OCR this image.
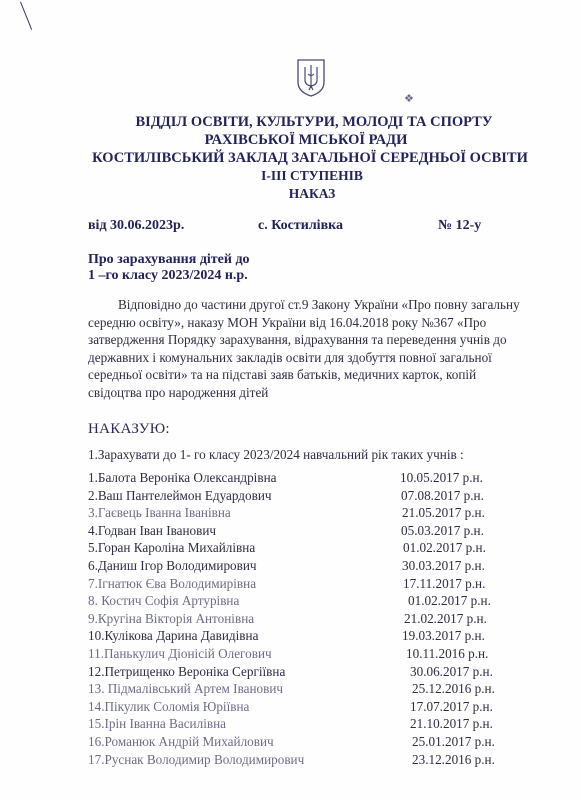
❖
ВІДДІЛ ОСВІТИ, КУЛЬТУРИ, МОЛОДІ ТА СПОРТУ
РАХІВСЬКОЇ МІСЬКОЇ РАДИ
КОСТИЛІВСЬКИЙ ЗАКЛАД ЗАГАЛЬНОЇ СЕРЕДНЬОЇ ОСВІТИ
І-ІІІ СТУПЕНІВ
НАКАЗ
від 30.06.2023р.	с. Костилівка	№ 12-у
Про зарахування дітей до
1 –го класу 2023/2024 н.р.
Відповідно до частини другої ст.9 Закону України «Про повну загальну
середню освіту», наказу МОН України від 16.04.2018 року №367 «Про
затвердження Порядку зарахування, відрахування та переведення учнів до
державних і комунальних закладів освіти для здобуття повної загальної
середньої освіти» та на підставі заяв батьків, медичних карток, копій
свідоцтва про народження дітей
НАКАЗУЮ:
1.Зарахувати до 1- го класу 2023/2024 навчальний рік таких учнів :
1.Балота Вероніка Олександрівна	10.05.2017 р.н.
2.Ваш Пантелеймон Едуардович	07.08.2017 р.н.
3.Гаєвець Іванна Іванівна	21.05.2017 р.н.
4.Годван Іван Іванович	05.03.2017 р.н.
5.Горан Кароліна Михайлівна	01.02.2017 р.н.
6.Даниш Ігор Володимирович	30.03.2017 р.н.
7.Ігнатюк Єва Володимирівна	17.11.2017 р.н.
8. Костич Софія Артурівна	01.02.2017 р.н.
9.Кругіна Вікторія Антонівна	21.02.2017 р.н.
10.Кулікова Дарина Давидівна	19.03.2017 р.н.
11.Панькулич Діонісій Олегович	10.11.2016 р.н.
12.Петрищенко Вероніка Сергіївна	30.06.2017 р.н.
13. Підмалівський Артем Іванович	25.12.2016 р.н.
14.Пікулик Соломія Юріївна	17.07.2017 р.н.
15.Ірін Іванна Василівна	21.10.2017 р.н.
16.Романюк Андрій Михайлович	25.01.2017 р.н.
17.Руснак Володимир Володимирович	23.12.2016 р.н.
